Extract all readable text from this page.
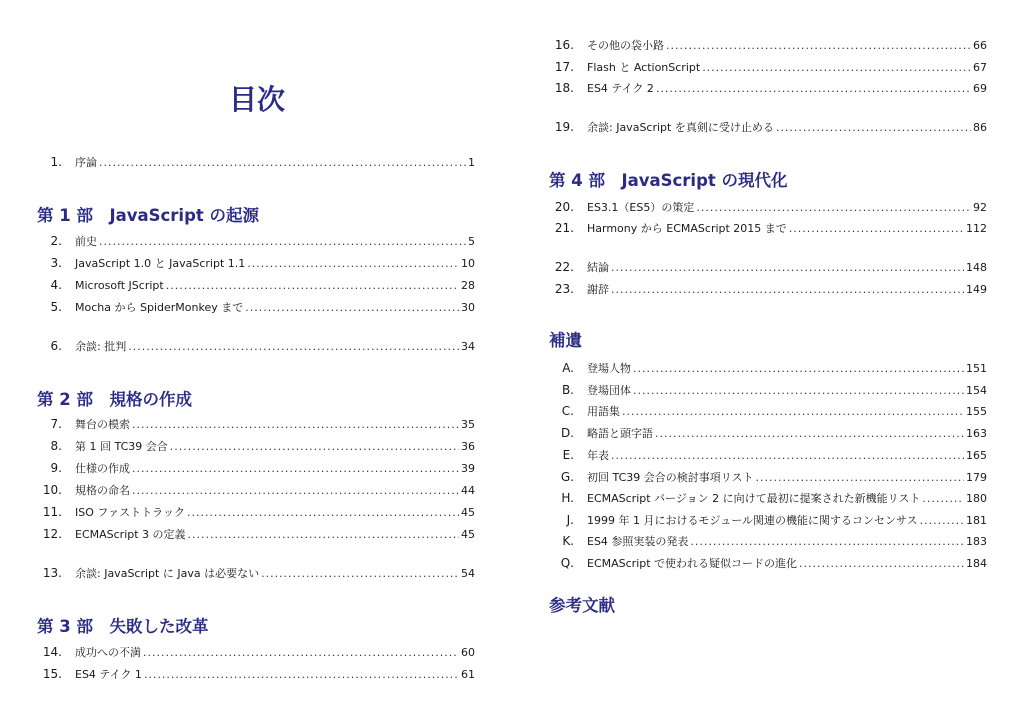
目次
1. 序論 .....	1
第 1 部　JavaScript の起源
2. 前史 .....	5
3. JavaScript 1.0 と JavaScript 1.1 .....	10
4. Microsoft JScript .....	28
5. Mocha から SpiderMonkey まで .....	30
6. 余談: 批判 .....	34
第 2 部　規格の作成
7. 舞台の模索 .....	35
8. 第 1 回 TC39 会合 .....	36
9. 仕様の作成 .....	39
10. 規格の命名 .....	44
11. ISO ファストトラック .....	45
12. ECMAScript 3 の定義 .....	45
13. 余談: JavaScript に Java は必要ない .....	54
第 3 部　失敗した改革
14. 成功への不満 .....	60
15. ES4 テイク 1 .....	61
16. その他の袋小路 .....	66
17. Flash と ActionScript .....	67
18. ES4 テイク 2 .....	69
19. 余談: JavaScript を真剣に受け止める .....	86
第 4 部　JavaScript の現代化
20. ES3.1（ES5）の策定 .....	92
21. Harmony から ECMAScript 2015 まで .....	112
22. 結論 .....	148
23. 謝辞 .....	149
補遺
A. 登場人物 .....	151
B. 登場団体 .....	154
C. 用語集 .....	155
D. 略語と頭字語 .....	163
E. 年表 .....	165
G. 初回 TC39 会合の検討事項リスト .....	179
H. ECMAScript バージョン 2 に向けて最初に提案された新機能リスト .....	180
J. 1999 年 1 月におけるモジュール関連の機能に関するコンセンサス .....	181
K. ES4 参照実装の発表 .....	183
Q. ECMAScript で使われる疑似コードの進化 .....	184
参考文献
